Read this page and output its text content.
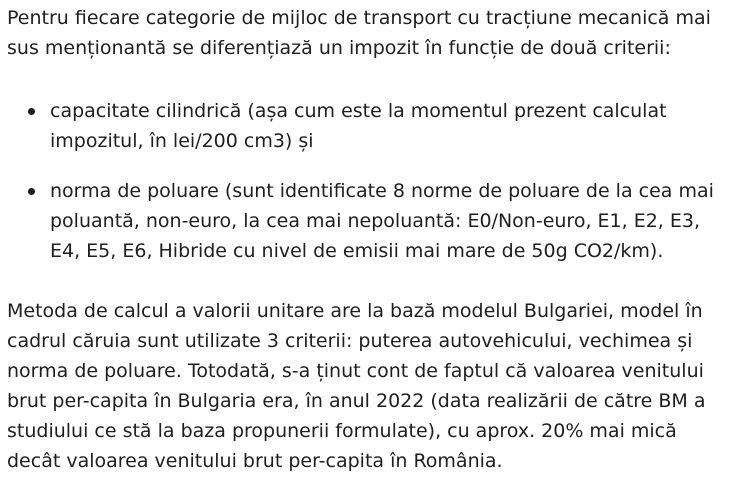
Pentru fiecare categorie de mijloc de transport cu tracțiune mecanică mai
sus menționantă se diferențiază un impozit în funcție de două criterii:

capacitate cilindrică (așa cum este la momentul prezent calculat
impozitul, în lei/200 cm3) și
norma de poluare (sunt identificate 8 norme de poluare de la cea mai
poluantă, non-euro, la cea mai nepoluantă: E0/Non-euro, E1, E2, E3,
E4, E5, E6, Hibride cu nivel de emisii mai mare de 50g CO2/km).

Metoda de calcul a valorii unitare are la bază modelul Bulgariei, model în
cadrul căruia sunt utilizate 3 criterii: puterea autovehicului, vechimea și
norma de poluare. Totodată, s-a ținut cont de faptul că valoarea venitului
brut per-capita în Bulgaria era, în anul 2022 (data realizării de către BM a
studiului ce stă la baza propunerii formulate), cu aprox. 20% mai mică
decât valoarea venitului brut per-capita în România.
